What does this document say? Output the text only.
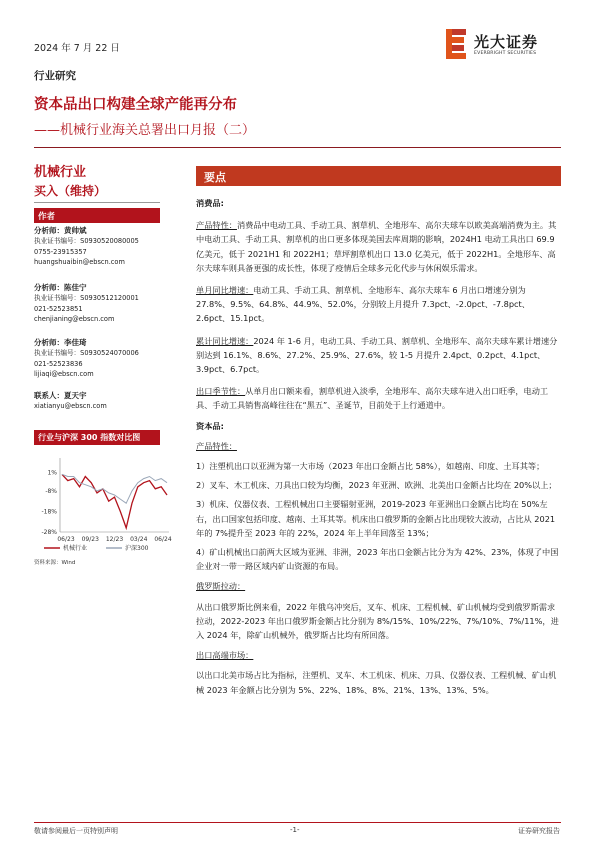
2024 年 7 月 22 日	光大证券
EVERBRIGHT SECURITIES
行业研究
资本品出口构建全球产能再分布
——机械行业海关总署出口月报（二）
机械行业
买入（维持）
作者
分析师：黄帅斌
执业证书编号：S0930520080005
0755-23915357
huangshuaibin@ebscn.com
分析师：陈佳宁
执业证书编号：S0930512120001
021-52523851
chenjianing@ebscn.com
分析师：李佳琦
执业证书编号：S0930524070006
021-52523836
lijiaqi@ebscn.com
联系人：夏天宇
xiatianyu@ebscn.com
行业与沪深 300 指数对比图
1%
-8%
-18%
-28%
06/23 09/23 12/23 03/24 06/24
机械行业	沪深300
资料来源：Wind
要点
消费品:
产品特性：消费品中电动工具、手动工具、割草机、全地形车、高尔夫球车以欧美高端消费为主。其中电动工具、手动工具、割草机的出口更多体现美国去库周期的影响，2024H1 电动工具出口 69.9 亿美元，低于 2021H1 和 2022H1；草坪割草机出口 13.0 亿美元，低于 2022H1。全地形车、高尔夫球车则具备更强的成长性，体现了疫情后全球多元化代步与休闲娱乐需求。
单月同比增速：电动工具、手动工具、割草机、全地形车、高尔夫球车 6 月出口增速分别为 27.8%、9.5%、64.8%、44.9%、52.0%，分别较上月提升 7.3pct、-2.0pct、-7.8pct、2.6pct、15.1pct。
累计同比增速：2024 年 1-6 月，电动工具、手动工具、割草机、全地形车、高尔夫球车累计增速分别达到 16.1%、8.6%、27.2%、25.9%、27.6%，较 1-5 月提升 2.4pct、0.2pct、4.1pct、3.9pct、6.7pct。
出口季节性：从单月出口额来看，割草机进入淡季，全地形车、高尔夫球车进入出口旺季，电动工具、手动工具销售高峰往往在“黑五”、圣诞节，目前处于上行通道中。
资本品:
产品特性：
1）注塑机出口以亚洲为第一大市场（2023 年出口金额占比 58%），如越南、印度、土耳其等；
2）叉车、木工机床、刀具出口较为均衡，2023 年亚洲、欧洲、北美出口金额占比均在 20%以上；
3）机床、仪器仪表、工程机械出口主要辐射亚洲，2019-2023 年亚洲出口金额占比均在 50%左右，出口国家包括印度、越南、土耳其等。机床出口俄罗斯的金额占比出现较大波动，占比从 2021 年的 7%提升至 2023 年的 22%，2024 年上半年回落至 13%；
4）矿山机械出口前两大区域为亚洲、非洲，2023 年出口金额占比分为为 42%、23%，体现了中国企业对一带一路区域内矿山资源的布局。
俄罗斯拉动：
从出口俄罗斯比例来看，2022 年俄乌冲突后，叉车、机床、工程机械、矿山机械均受到俄罗斯需求拉动，2022-2023 年出口俄罗斯金额占比分别为 8%/15%、10%/22%、7%/10%、7%/11%，进入 2024 年，除矿山机械外，俄罗斯占比均有所回落。
出口高端市场：
以出口北美市场占比为指标，注塑机、叉车、木工机床、机床、刀具、仪器仪表、工程机械、矿山机械 2023 年金额占比分别为 5%、22%、18%、8%、21%、13%、13%、5%。
敬请参阅最后一页特别声明	-1-	证券研究报告
